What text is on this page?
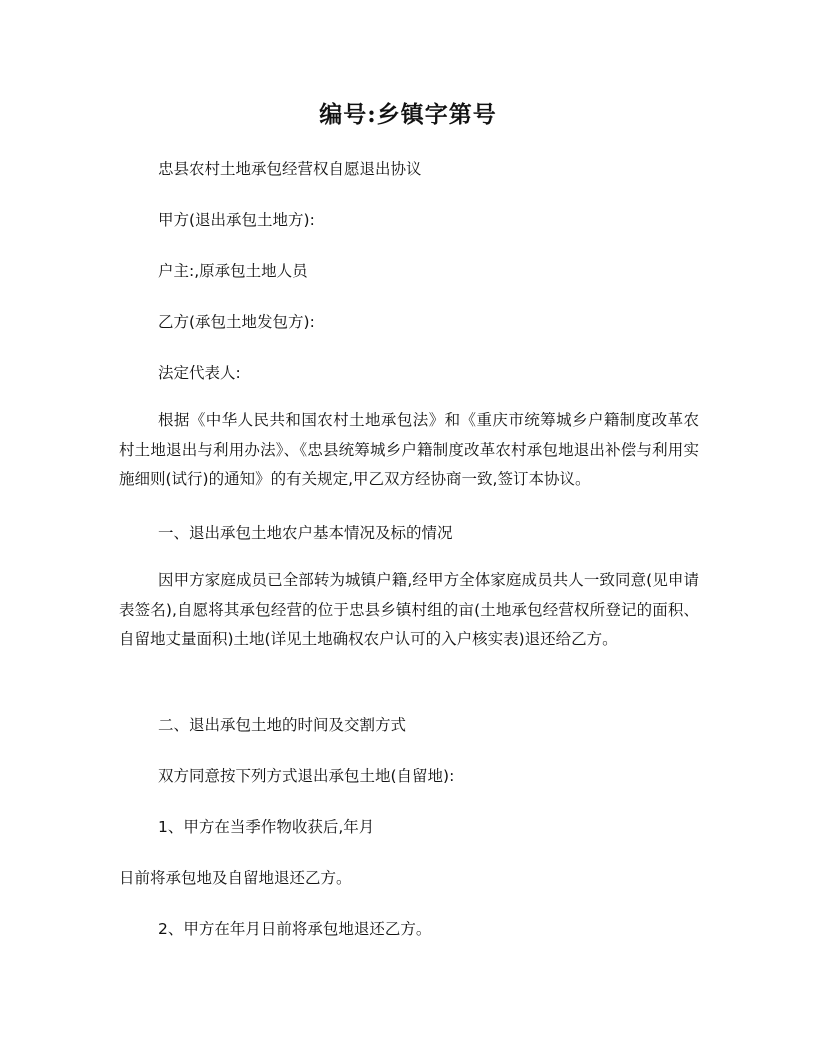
编号:乡镇字第号
忠县农村土地承包经营权自愿退出协议
甲方(退出承包土地方):
户主:,原承包土地人员
乙方(承包土地发包方):
法定代表人:
根据《中华人民共和国农村土地承包法》和《重庆市统筹城乡户籍制度改革农村土地退出与利用办法》、《忠县统筹城乡户籍制度改革农村承包地退出补偿与利用实施细则(试行)的通知》的有关规定,甲乙双方经协商一致,签订本协议。
一、退出承包土地农户基本情况及标的情况
因甲方家庭成员已全部转为城镇户籍,经甲方全体家庭成员共人一致同意(见申请表签名),自愿将其承包经营的位于忠县乡镇村组的亩(土地承包经营权所登记的面积、自留地丈量面积)土地(详见土地确权农户认可的入户核实表)退还给乙方。
二、退出承包土地的时间及交割方式
双方同意按下列方式退出承包土地(自留地):
1、甲方在当季作物收获后,年月
日前将承包地及自留地退还乙方。
2、甲方在年月日前将承包地退还乙方。
